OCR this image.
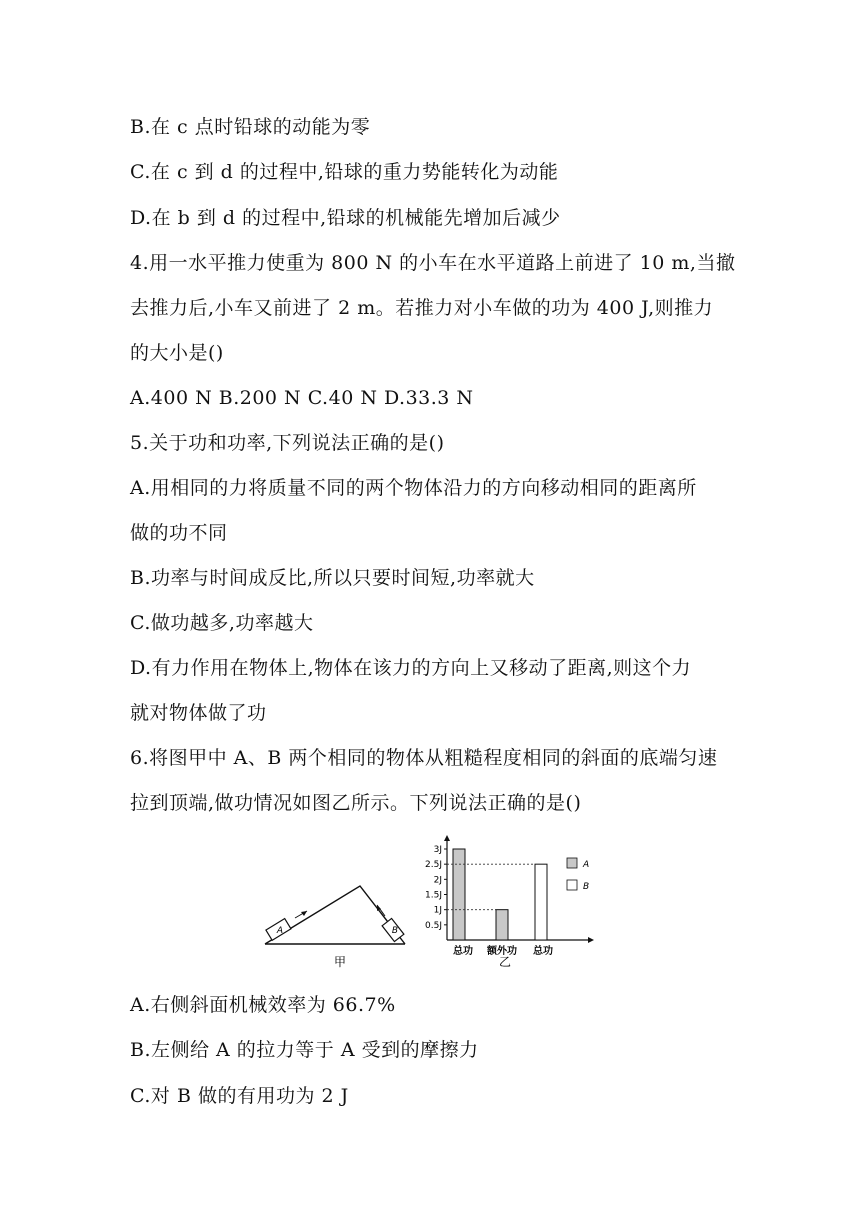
B.在 c 点时铅球的动能为零
C.在 c 到 d 的过程中,铅球的重力势能转化为动能
D.在 b 到 d 的过程中,铅球的机械能先增加后减少
4.用一水平推力使重为 800 N 的小车在水平道路上前进了 10 m,当撤
去推力后,小车又前进了 2 m。若推力对小车做的功为 400 J,则推力
的大小是()
A.400 N B.200 N C.40 N D.33.3 N
5.关于功和功率,下列说法正确的是()
A.用相同的力将质量不同的两个物体沿力的方向移动相同的距离所
做的功不同
B.功率与时间成反比,所以只要时间短,功率就大
C.做功越多,功率越大
D.有力作用在物体上,物体在该力的方向上又移动了距离,则这个力
就对物体做了功
6.将图甲中 A、B 两个相同的物体从粗糙程度相同的斜面的底端匀速
拉到顶端,做功情况如图乙所示。下列说法正确的是()
A.右侧斜面机械效率为 66.7%
B.左侧给 A 的拉力等于 A 受到的摩擦力
C.对 B 做的有用功为 2 J
A	B
甲
3J
2.5J
2J
1.5J
1J
0.5J
总功 额外功 总功
乙
A
B
